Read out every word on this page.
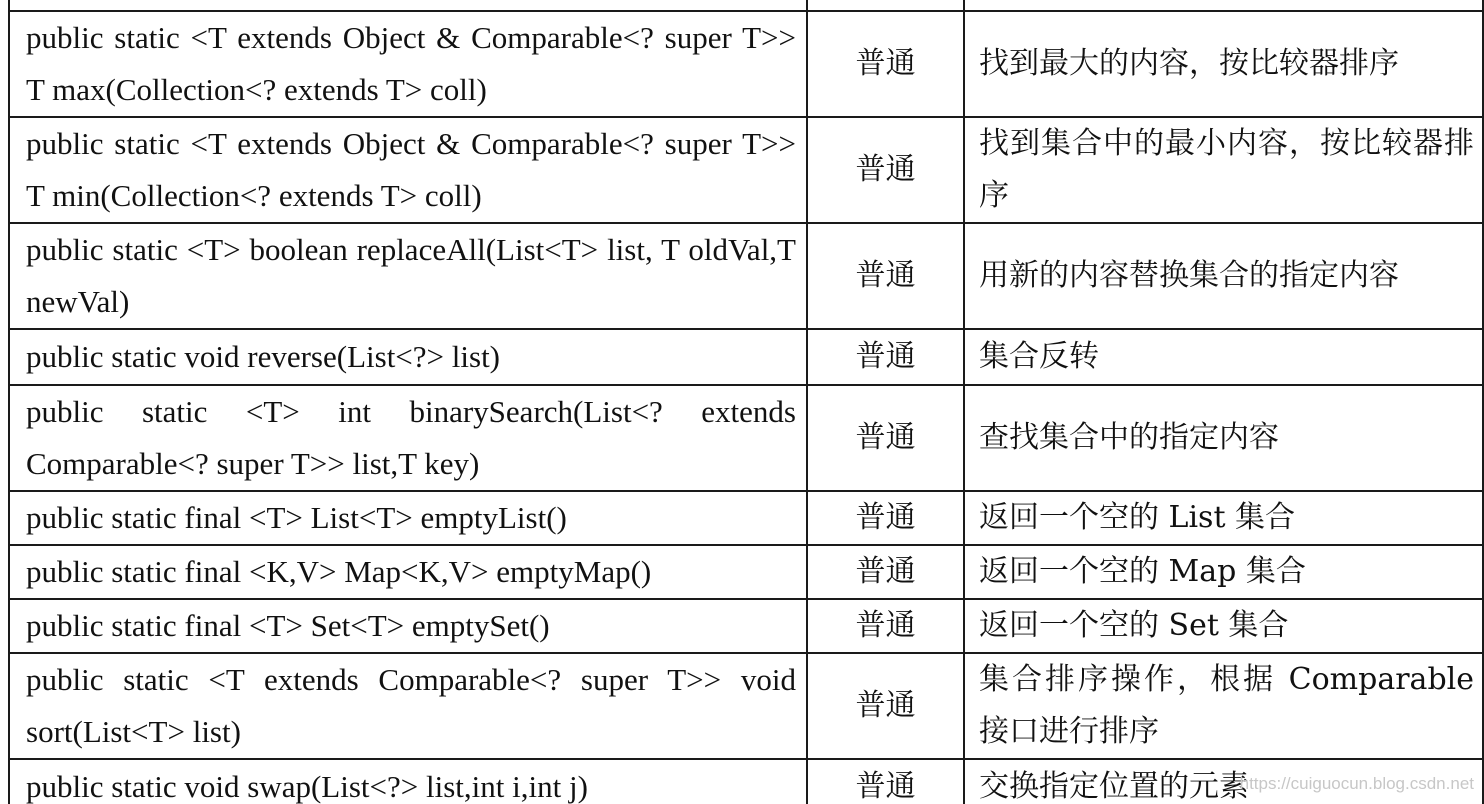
public static <T extends Object & Comparable<? super T>> T max(Collection<? extends T> coll)	普通	找到最大的内容，按比较器排序
public static <T extends Object & Comparable<? super T>> T min(Collection<? extends T> coll)	普通	找到集合中的最小内容，按比较器排序
public static <T> boolean replaceAll(List<T> list, T oldVal,T newVal)	普通	用新的内容替换集合的指定内容
public static void reverse(List<?> list)	普通	集合反转
public static <T> int binarySearch(List<? extends Comparable<? super T>> list,T key)	普通	查找集合中的指定内容
public static final <T> List<T> emptyList()	普通	返回一个空的 List 集合
public static final <K,V> Map<K,V> emptyMap()	普通	返回一个空的 Map 集合
public static final <T> Set<T> emptySet()	普通	返回一个空的 Set 集合
public static <T extends Comparable<? super T>> void sort(List<T> list)	普通	集合排序操作，根据 Comparable 接口进行排序
public static void swap(List<?> list,int i,int j)	普通	交换指定位置的元素
https://cuiguocun.blog.csdn.net
